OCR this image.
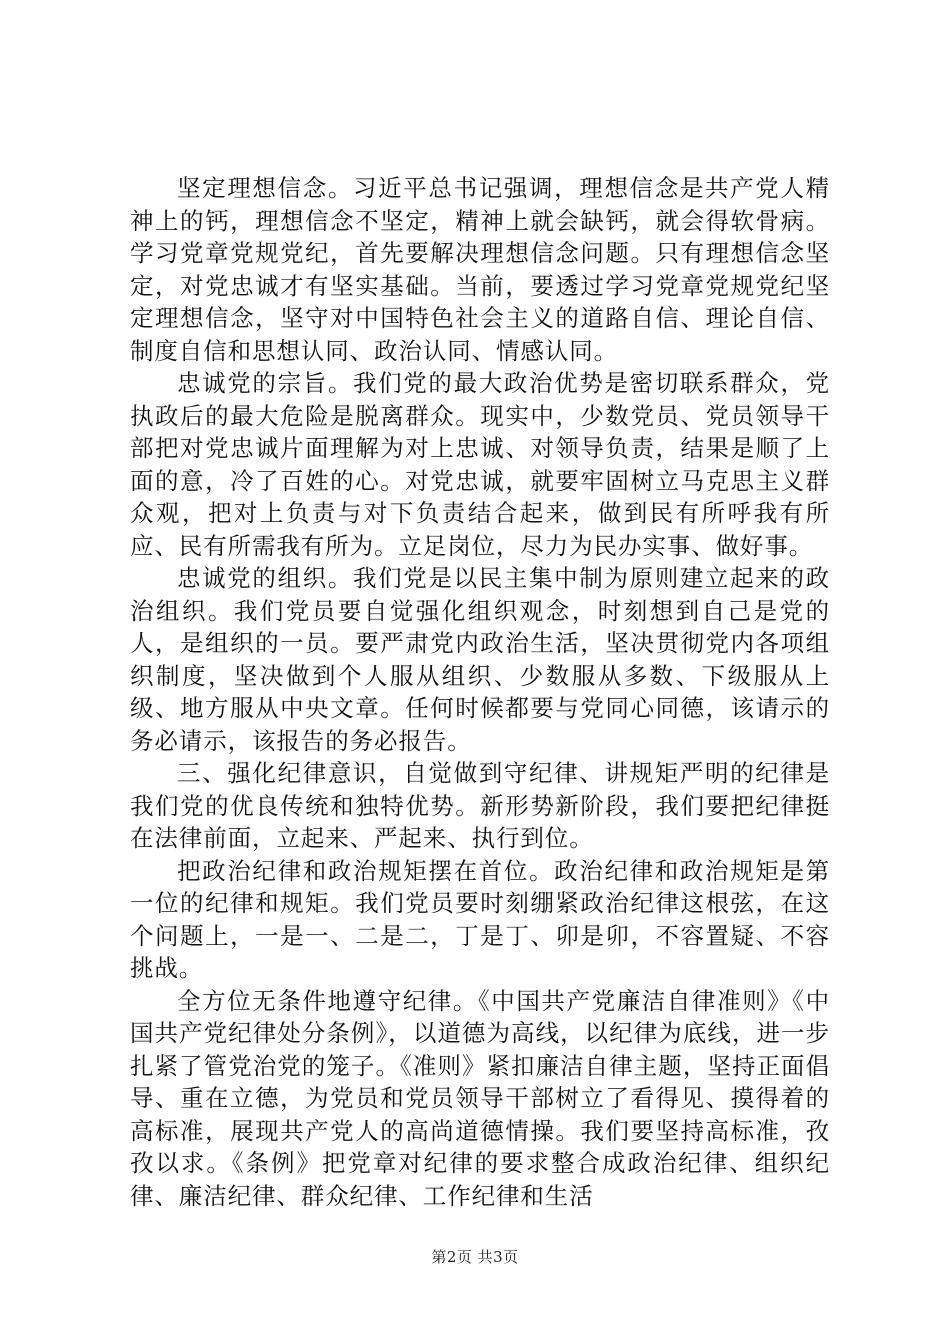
坚定理想信念。习近平总书记强调，理想信念是共产党人精神上的钙，理想信念不坚定，精神上就会缺钙，就会得软骨病。学习党章党规党纪，首先要解决理想信念问题。只有理想信念坚定，对党忠诚才有坚实基础。当前，要透过学习党章党规党纪坚定理想信念，坚守对中国特色社会主义的道路自信、理论自信、制度自信和思想认同、政治认同、情感认同。

忠诚党的宗旨。我们党的最大政治优势是密切联系群众，党执政后的最大危险是脱离群众。现实中，少数党员、党员领导干部把对党忠诚片面理解为对上忠诚、对领导负责，结果是顺了上面的意，冷了百姓的心。对党忠诚，就要牢固树立马克思主义群众观，把对上负责与对下负责结合起来，做到民有所呼我有所应、民有所需我有所为。立足岗位，尽力为民办实事、做好事。

忠诚党的组织。我们党是以民主集中制为原则建立起来的政治组织。我们党员要自觉强化组织观念，时刻想到自己是党的人，是组织的一员。要严肃党内政治生活，坚决贯彻党内各项组织制度，坚决做到个人服从组织、少数服从多数、下级服从上级、地方服从中央文章。任何时候都要与党同心同德，该请示的务必请示，该报告的务必报告。

三、强化纪律意识，自觉做到守纪律、讲规矩严明的纪律是我们党的优良传统和独特优势。新形势新阶段，我们要把纪律挺在法律前面，立起来、严起来、执行到位。

把政治纪律和政治规矩摆在首位。政治纪律和政治规矩是第一位的纪律和规矩。我们党员要时刻绷紧政治纪律这根弦，在这个问题上，一是一、二是二，丁是丁、卯是卯，不容置疑、不容挑战。

全方位无条件地遵守纪律。《中国共产党廉洁自律准则》《中国共产党纪律处分条例》，以道德为高线，以纪律为底线，进一步扎紧了管党治党的笼子。《准则》紧扣廉洁自律主题，坚持正面倡导、重在立德，为党员和党员领导干部树立了看得见、摸得着的高标准，展现共产党人的高尚道德情操。我们要坚持高标准，孜孜以求。《条例》把党章对纪律的要求整合成政治纪律、组织纪律、廉洁纪律、群众纪律、工作纪律和生活

第2页 共3页
